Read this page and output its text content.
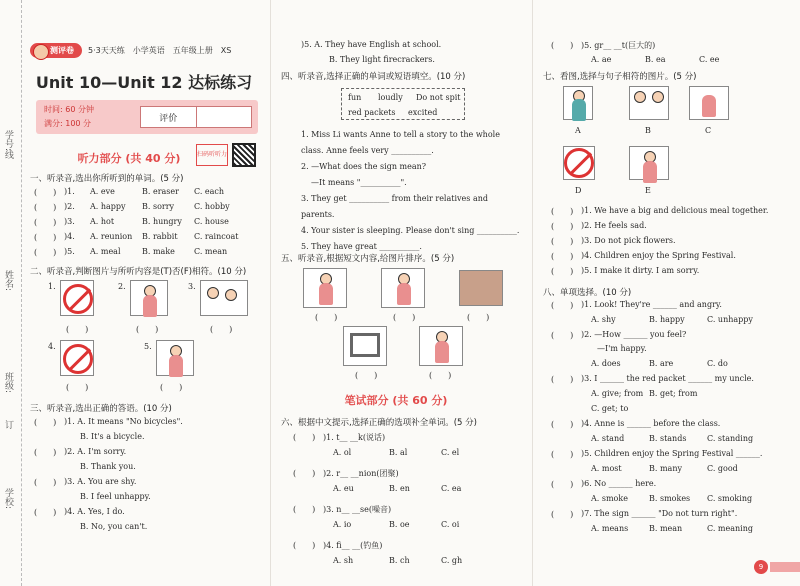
学号:
线
姓名:
班级:
订
学校:
测评卷	5·3天天练 小学英语 五年级上册 XS
Unit 10—Unit 12 达标练习
时间: 60 分钟
满分: 100 分	评价
听力部分 (共 40 分)	扫码听听力
一、听录音,选出你所听到的单词。(5 分)
(　　) )1. A. eve	B. eraser C. each
(　　) )2. A. happy B. sorry C. hobby
(　　) )3. A. hot	B. hungry C. house
(　　) )4. A. reunion B. rabbit C. raincoat
(　　) )5. A. meal	B. make C. mean
二、听录音,判断图片与所听内容是(T)否(F)相符。(10 分)
1.
(　　)
2.
(　　)
3.
(　　)
4.
(　　)
5.
(　　)
三、听录音,选出正确的答语。(10 分)
(　　) )1. A. It means "No bicycles".
B. It's a bicycle.
(　　) )2. A. I'm sorry.
B. Thank you.
(　　) )3. A. You are shy.
B. I feel unhappy.
(　　) )4. A. Yes, I do.
B. No, you can't.
)5. A. They have English at school.
B. They light firecrackers.
四、听录音,选择正确的单词或短语填空。(10 分)
fun loudly Do not spit
red packets excited
1. Miss Li wants Anne to tell a story to the whole
class. Anne feels very __________.
2. —What does the sign mean?
—It means "__________".
3. They get __________ from their relatives and
parents.
4. Your sister is sleeping. Please don't sing __________.
5. They have great __________.
五、听录音,根据短文内容,给图片排序。(5 分)
(　　)	(　　)	(　　)
(　　)	(　　)
笔试部分 (共 60 分)
六、根据中文提示,选择正确的选项补全单词。(5 分)
(　　) )1. t__ __k(说话)
A. ol	B. al	C. el
(　　) )2. r__ __nion(团聚)
A. eu	B. en	C. ea
(　　) )3. n__ __se(噪音)
A. io	B. oe	C. oi
(　　) )4. fi__ __(钓鱼)
A. sh	B. ch	C. gh
(　　) )5. gr__ __t(巨大的)
A. ae	B. ea	C. ee
七、看图,选择与句子相符的图片。(5 分)
A	B	C
D	E
(　　) )1. We have a big and delicious meal together.
(　　) )2. He feels sad.
(　　) )3. Do not pick flowers.
(　　) )4. Children enjoy the Spring Festival.
(　　) )5. I make it dirty. I am sorry.
八、单项选择。(10 分)
(　　) )1. Look! They're ______ and angry.
A. shy	B. happy	C. unhappy
(　　) )2. —How ______ you feel?
—I'm happy.
A. does	B. are	C. do
(　　) )3. I ______ the red packet ______ my uncle.
A. give; from B. get; from
C. get; to
(　　) )4. Anne is ______ before the class.
A. stand	B. stands	C. standing
(　　) )5. Children enjoy the Spring Festival ______.
A. most	B. many	C. good
(　　) )6. No ______ here.
A. smoke	B. smokes C. smoking
(　　) )7. The sign ______ "Do not turn right".
A. means	B. mean	C. meaning
9
